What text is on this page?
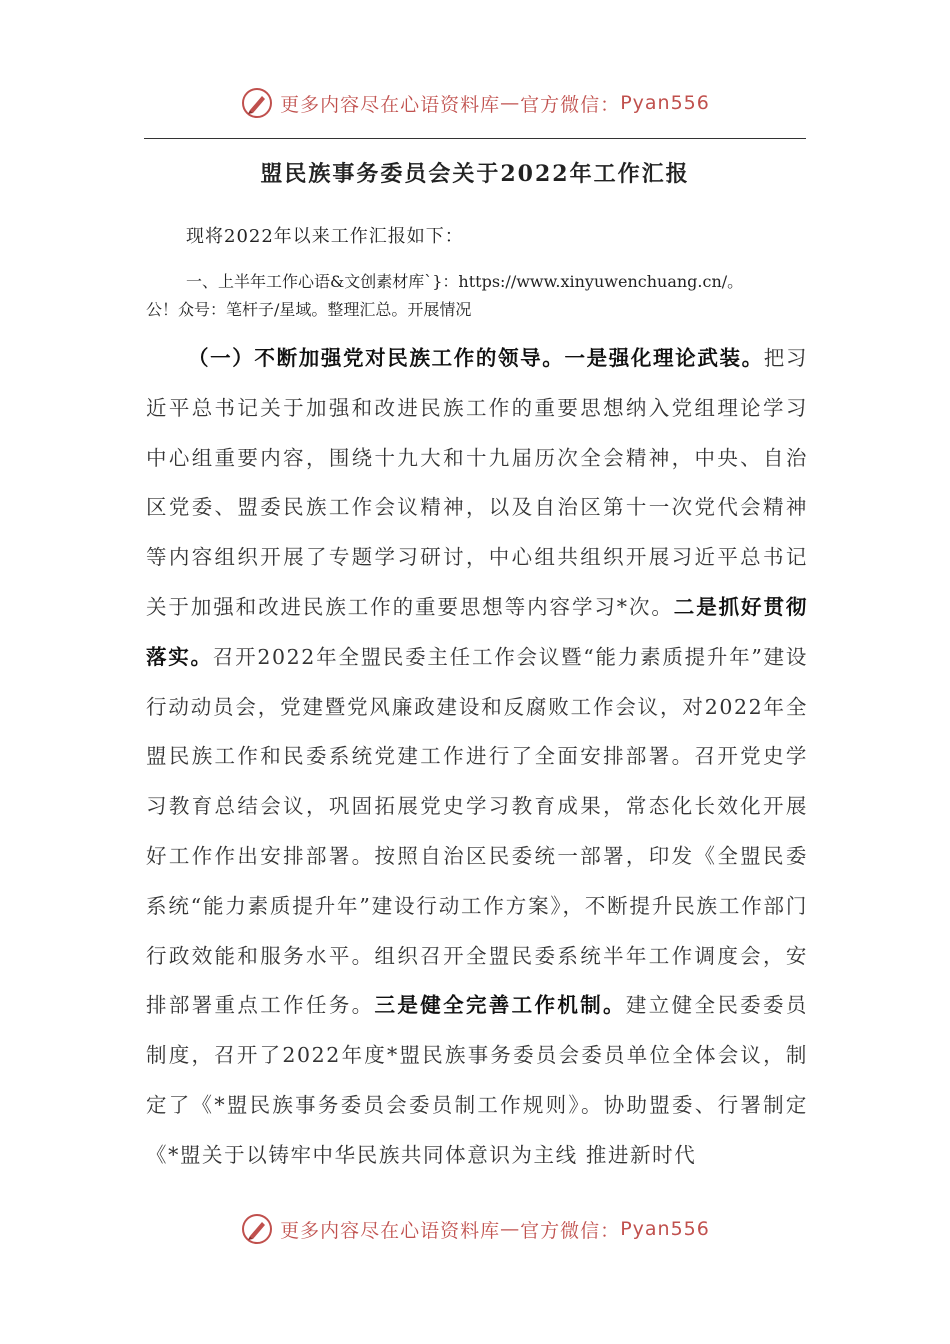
更多内容尽在心语资料库 — 官方微信： Pyan556
盟民族事务委员会关于2022年工作汇报
现将2022年以来工作汇报如下：
一、上半年工作心语&文创素材库`}：https://www.xinyuwenchuang.cn/。
公！众号：笔杆子/星域。整理汇总。开展情况

（一）不断加强党对民族工作的领导。一是强化理论武装。把习近平总书记关于加强和改进民族工作的重要思想纳入党组理论学习中心组重要内容，围绕十九大和十九届历次全会精神，中央、自治区党委、盟委民族工作会议精神，以及自治区第十一次党代会精神等内容组织开展了专题学习研讨，中心组共组织开展习近平总书记关于加强和改进民族工作的重要思想等内容学习*次。二是抓好贯彻落实。召开2022年全盟民委主任工作会议暨“能力素质提升年”建设行动动员会，党建暨党风廉政建设和反腐败工作会议，对2022年全盟民族工作和民委系统党建工作进行了全面安排部署。召开党史学习教育总结会议，巩固拓展党史学习教育成果，常态化长效化开展好工作作出安排部署。按照自治区民委统一部署，印发《全盟民委系统“能力素质提升年”建设行动工作方案》，不断提升民族工作部门行政效能和服务水平。组织召开全盟民委系统半年工作调度会，安排部署重点工作任务。三是健全完善工作机制。建立健全民委委员制度，召开了2022年度*盟民族事务委员会委员单位全体会议，制定了《*盟民族事务委员会委员制工作规则》。协助盟委、行署制定《*盟关于以铸牢中华民族共同体意识为主线 推进新时代

更多内容尽在心语资料库 — 官方微信： Pyan556
